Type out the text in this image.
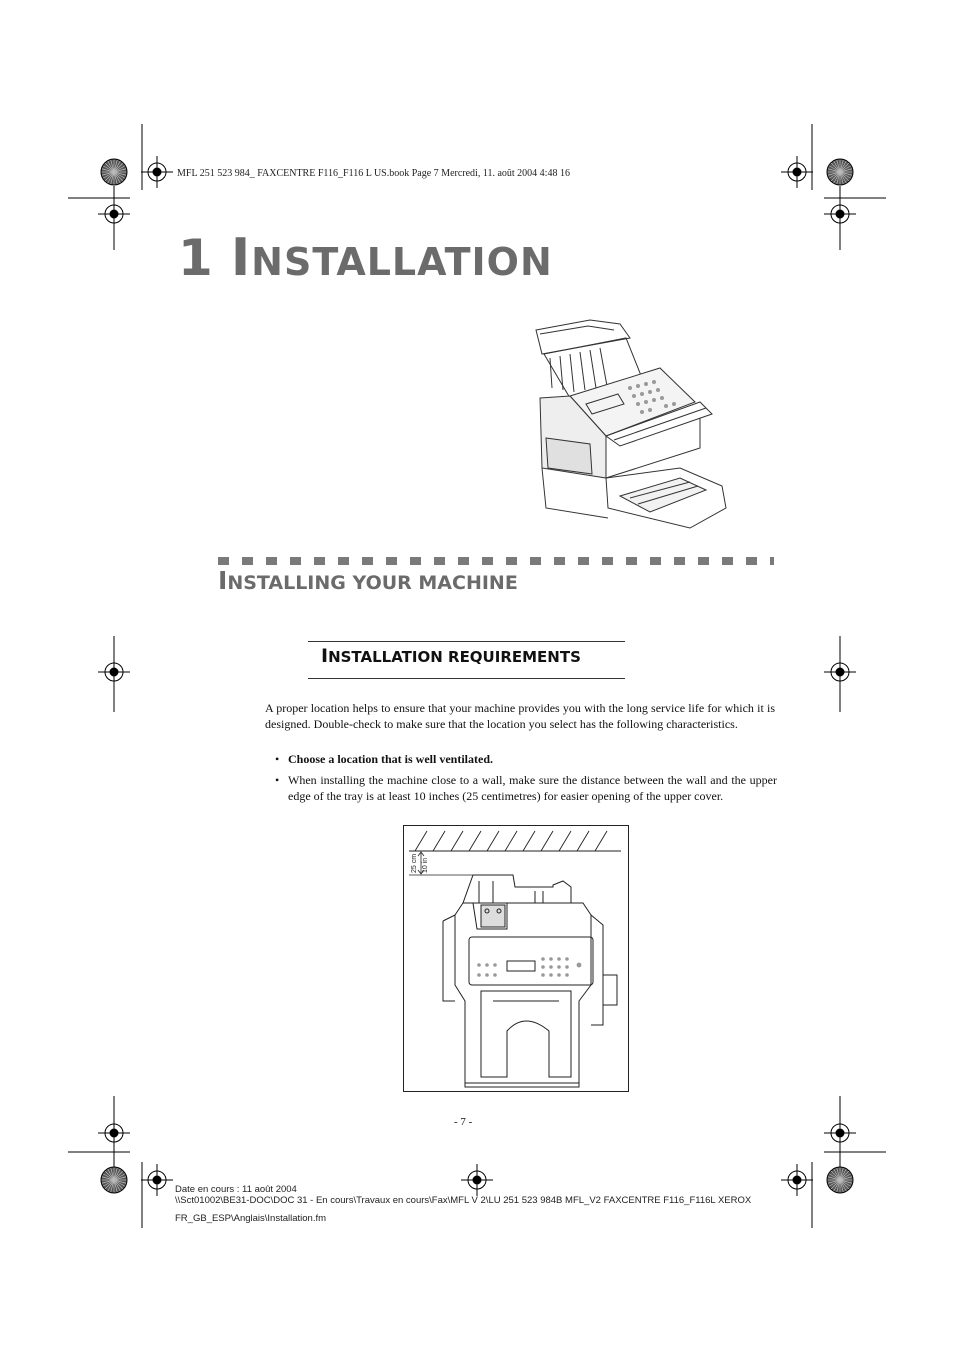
MFL 251 523 984_ FAXCENTRE F116_F116 L US.book Page 7 Mercredi, 11. août 2004 4:48 16
1 INSTALLATION
INSTALLING YOUR MACHINE
INSTALLATION REQUIREMENTS
A proper location helps to ensure that your machine provides you with the long service life for which it is designed. Double-check to make sure that the location you select has the following characteristics.
• Choose a location that is well ventilated.
• When installing the machine close to a wall, make sure the distance between the wall and the upper edge of the tray is at least 10 inches (25 centimetres) for easier opening of the upper cover.
25 cm 10 in
- 7 -
Date en cours : 11 août 2004
\\Sct01002\BE31-DOC\DOC 31 - En cours\Travaux en cours\Fax\MFL V 2\LU 251 523 984B MFL_V2 FAXCENTRE F116_F116L XEROX
FR_GB_ESP\Anglais\Installation.fm
